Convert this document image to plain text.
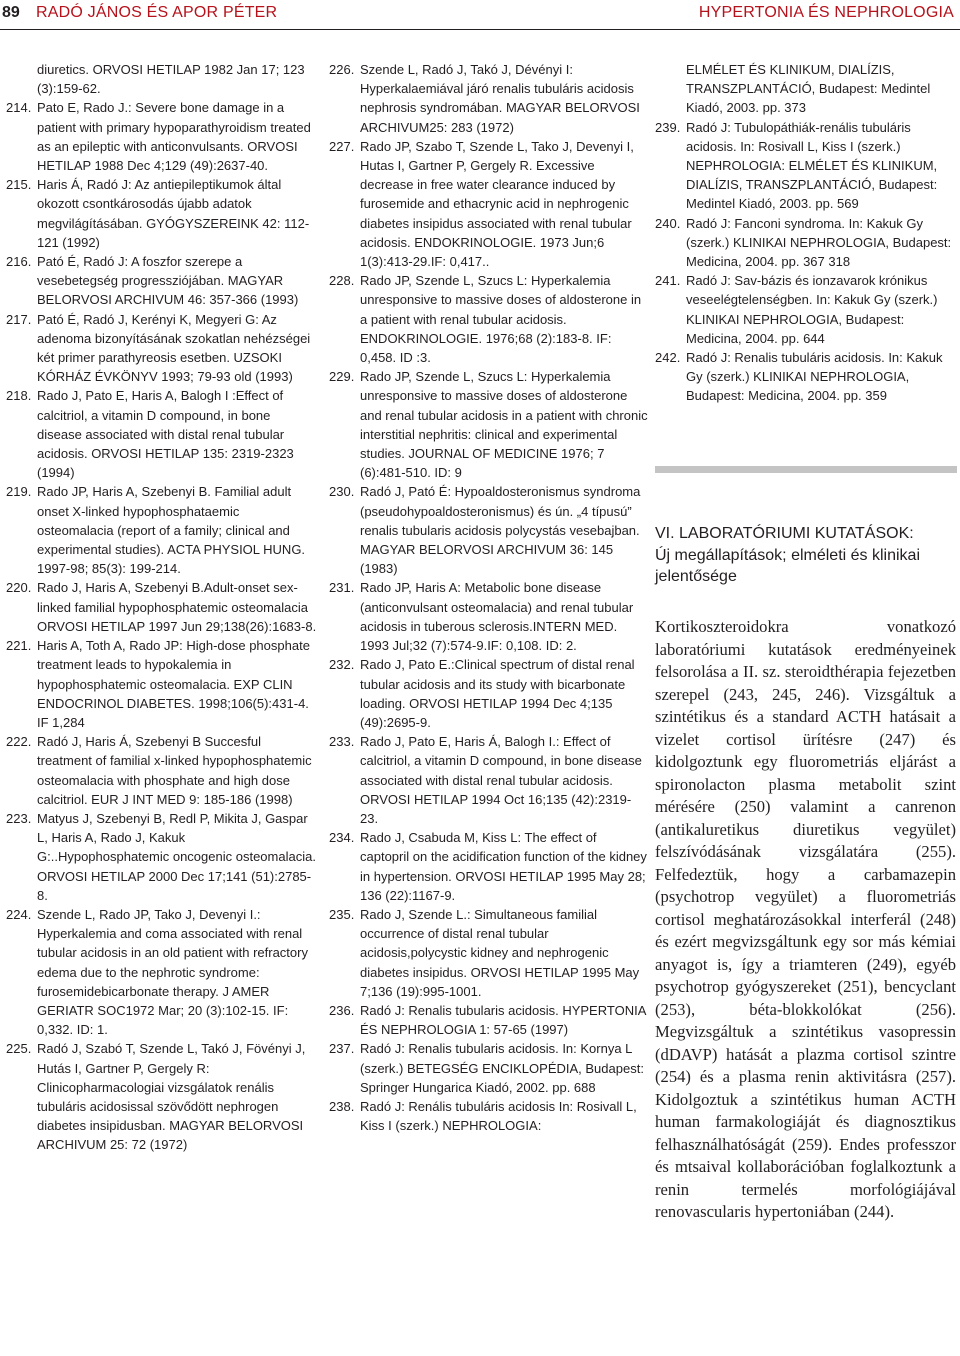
89 RADÓ JÁNOS ÉS APOR PÉTER	HYPERTONIA ÉS NEPHROLOGIA
diuretics. ORVOSI HETILAP 1982 Jan 17; 123 (3):159-62.
214. Pato E, Rado J.: Severe bone damage in a patient with primary hypoparathyroidism treated as an epileptic with anticonvulsants. ORVOSI HETILAP 1988 Dec 4;129 (49):2637-40.
215. Haris Á, Radó J: Az antiepileptikumok által okozott csontkárosodás újabb adatok megvilágításában. GYÓGYSZEREINK 42: 112-121 (1992)
216. Pató É, Radó J: A foszfor szerepe a vesebetegség progressziójában. MAGYAR BELORVOSI ARCHIVUM 46: 357-366 (1993)
217. Pató É, Radó J, Kerényi K, Megyeri G: Az adenoma bizonyításának szokatlan nehézségei két primer parathyreosis esetben. UZSOKI KÓRHÁZ ÉVKÖNYV 1993; 79-93 old (1993)
218. Rado J, Pato E, Haris A, Balogh I :Effect of calcitriol, a vitamin D compound, in bone disease associated with distal renal tubular acidosis. ORVOSI HETILAP 135: 2319-2323 (1994)
219. Rado JP, Haris A, Szebenyi B. Familial adult onset X-linked hypophosphataemic osteomalacia (report of a family; clinical and experimental studies). ACTA PHYSIOL HUNG. 1997-98; 85(3): 199-214.
220. Rado J, Haris A, Szebenyi B.Adult-onset sex-linked familial hypophosphatemic osteomalacia ORVOSI HETILAP 1997 Jun 29;138(26):1683-8.
221. Haris A, Toth A, Rado JP: High-dose phosphate treatment leads to hypokalemia in hypophosphatemic osteomalacia. EXP CLIN ENDOCRINOL DIABETES. 1998;106(5):431-4. IF 1,284
222. Radó J, Haris Á, Szebenyi B Succesful treatment of familial x-linked hypophosphatemic osteomalacia with phosphate and high dose calcitriol. EUR J INT MED 9: 185-186 (1998)
223. Matyus J, Szebenyi B, Redl P, Mikita J, Gaspar L, Haris A, Rado J, Kakuk G:..Hypophosphatemic oncogenic osteomalacia. ORVOSI HETILAP 2000 Dec 17;141 (51):2785-8.
224. Szende L, Rado JP, Tako J, Devenyi I.: Hyperkalemia and coma associated with renal tubular acidosis in an old patient with refractory edema due to the nephrotic syndrome: furosemidebicarbonate therapy. J AMER GERIATR SOC1972 Mar; 20 (3):102-15. IF: 0,332. ID: 1.
225. Radó J, Szabó T, Szende L, Takó J, Fövényi J, Hutás I, Gartner P, Gergely R: Clinicopharmacologiai vizsgálatok renális tubuláris acidosissal szövődött nephrogen diabetes insipidusban. MAGYAR BELORVOSI ARCHIVUM 25: 72 (1972)
226. Szende L, Radó J, Takó J, Dévényi I: Hyperkalaemiával járó renalis tubuláris acidosis nephrosis syndromában. MAGYAR BELORVOSI ARCHIVUM25: 283 (1972)
227. Rado JP, Szabo T, Szende L, Tako J, Devenyi I, Hutas I, Gartner P, Gergely R. Excessive decrease in free water clearance induced by furosemide and ethacrynic acid in nephrogenic diabetes insipidus associated with renal tubular acidosis. ENDOKRINOLOGIE. 1973 Jun;6 1(3):413-29.IF: 0,417..
228. Rado JP, Szende L, Szucs L: Hyperkalemia unresponsive to massive doses of aldosterone in a patient with renal tubular acidosis. ENDOKRINOLOGIE. 1976;68 (2):183-8. IF: 0,458. ID :3.
229. Rado JP, Szende L, Szucs L: Hyperkalemia unresponsive to massive doses of aldosterone and renal tubular acidosis in a patient with chronic interstitial nephritis: clinical and experimental studies. JOURNAL OF MEDICINE 1976; 7 (6):481-510. ID: 9
230. Radó J, Pató É: Hypoaldosteronismus syndroma (pseudohypoaldosteronismus) és ún. „4 típusú” renalis tubularis acidosis polycystás vesebajban. MAGYAR BELORVOSI ARCHIVUM 36: 145 (1983)
231. Rado JP, Haris A: Metabolic bone disease (anticonvulsant osteomalacia) and renal tubular acidosis in tuberous sclerosis.INTERN MED. 1993 Jul;32 (7):574-9.IF: 0,108. ID: 2.
232. Rado J, Pato E.:Clinical spectrum of distal renal tubular acidosis and its study with bicarbonate loading. ORVOSI HETILAP 1994 Dec 4;135 (49):2695-9.
233. Rado J, Pato E, Haris Á, Balogh I.: Effect of calcitriol, a vitamin D compound, in bone disease associated with distal renal tubular acidosis. ORVOSI HETILAP 1994 Oct 16;135 (42):2319-23.
234. Rado J, Csabuda M, Kiss L: The effect of captopril on the acidification function of the kidney in hypertension. ORVOSI HETILAP 1995 May 28; 136 (22):1167-9.
235. Rado J, Szende L.: Simultaneous familial occurrence of distal renal tubular acidosis,polycystic kidney and nephrogenic diabetes insipidus. ORVOSI HETILAP 1995 May 7;136 (19):995-1001.
236. Radó J: Renalis tubularis acidosis. HYPERTONIA ÉS NEPHROLOGIA 1: 57-65 (1997)
237. Radó J: Renalis tubularis acidosis. In: Kornya L (szerk.) BETEGSÉG ENCIKLOPÉDIA, Budapest: Springer Hungarica Kiadó, 2002. pp. 688
238. Radó J: Renális tubuláris acidosis In: Rosivall L, Kiss I (szerk.) NEPHROLOGIA:
ELMÉLET ÉS KLINIKUM, DIALÍZIS, TRANSZPLANTÁCIÓ, Budapest: Medintel Kiadó, 2003. pp. 373
239. Radó J: Tubulopáthiák-renális tubuláris acidosis. In: Rosivall L, Kiss I (szerk.) NEPHROLOGIA: ELMÉLET ÉS KLINIKUM, DIALÍZIS, TRANSZPLANTÁCIÓ, Budapest: Medintel Kiadó, 2003. pp. 569
240. Radó J: Fanconi syndroma. In: Kakuk Gy (szerk.) KLINIKAI NEPHROLOGIA, Budapest: Medicina, 2004. pp. 367 318
241. Radó J: Sav-bázis és ionzavarok krónikus veseelégtelenségben. In: Kakuk Gy (szerk.) KLINIKAI NEPHROLOGIA, Budapest: Medicina, 2004. pp. 644
242. Radó J: Renalis tubuláris acidosis. In: Kakuk Gy (szerk.) KLINIKAI NEPHROLOGIA, Budapest: Medicina, 2004. pp. 359
VI. LABORATÓRIUMI KUTATÁSOK:
Új megállapítások; elméleti és klinikai jelentősége
Kortikoszteroidokra vonatkozó laboratóriumi kutatások eredményeinek felsorolása a II. sz. steroidthérapia fejezetben szerepel (243, 245, 246). Vizsgáltuk a szintétikus és a standard ACTH hatásait a vizelet cortisol ürítésre (247) és kidolgoztunk egy fluorometriás eljárást a spironolacton plasma metabolit szint mérésére (250) valamint a canrenon (antikaluretikus diuretikus vegyület) felszívódásának vizsgálatára (255). Felfedeztük, hogy a carbamazepin (psychotrop vegyület) a fluorometriás cortisol meghatározásokkal interferál (248) és ezért megvizsgáltunk egy sor más kémiai anyagot is, így a triamteren (249), egyéb psychotrop gyógyszereket (251), bencyclant (253), béta-blokkolókat (256). Megvizsgáltuk a szintétikus vasopressin (dDAVP) hatását a plazma cortisol szintre (254) és a plasma renin aktivitásra (257). Kidolgoztuk a szintétikus human ACTH human farmakologiáját és diagnosztikus felhasználhatóságát (259). Endes professzor és mtsaival kollaborációban foglalkoztunk a renin termelés morfológiájával renovascularis hypertoniában (244).
